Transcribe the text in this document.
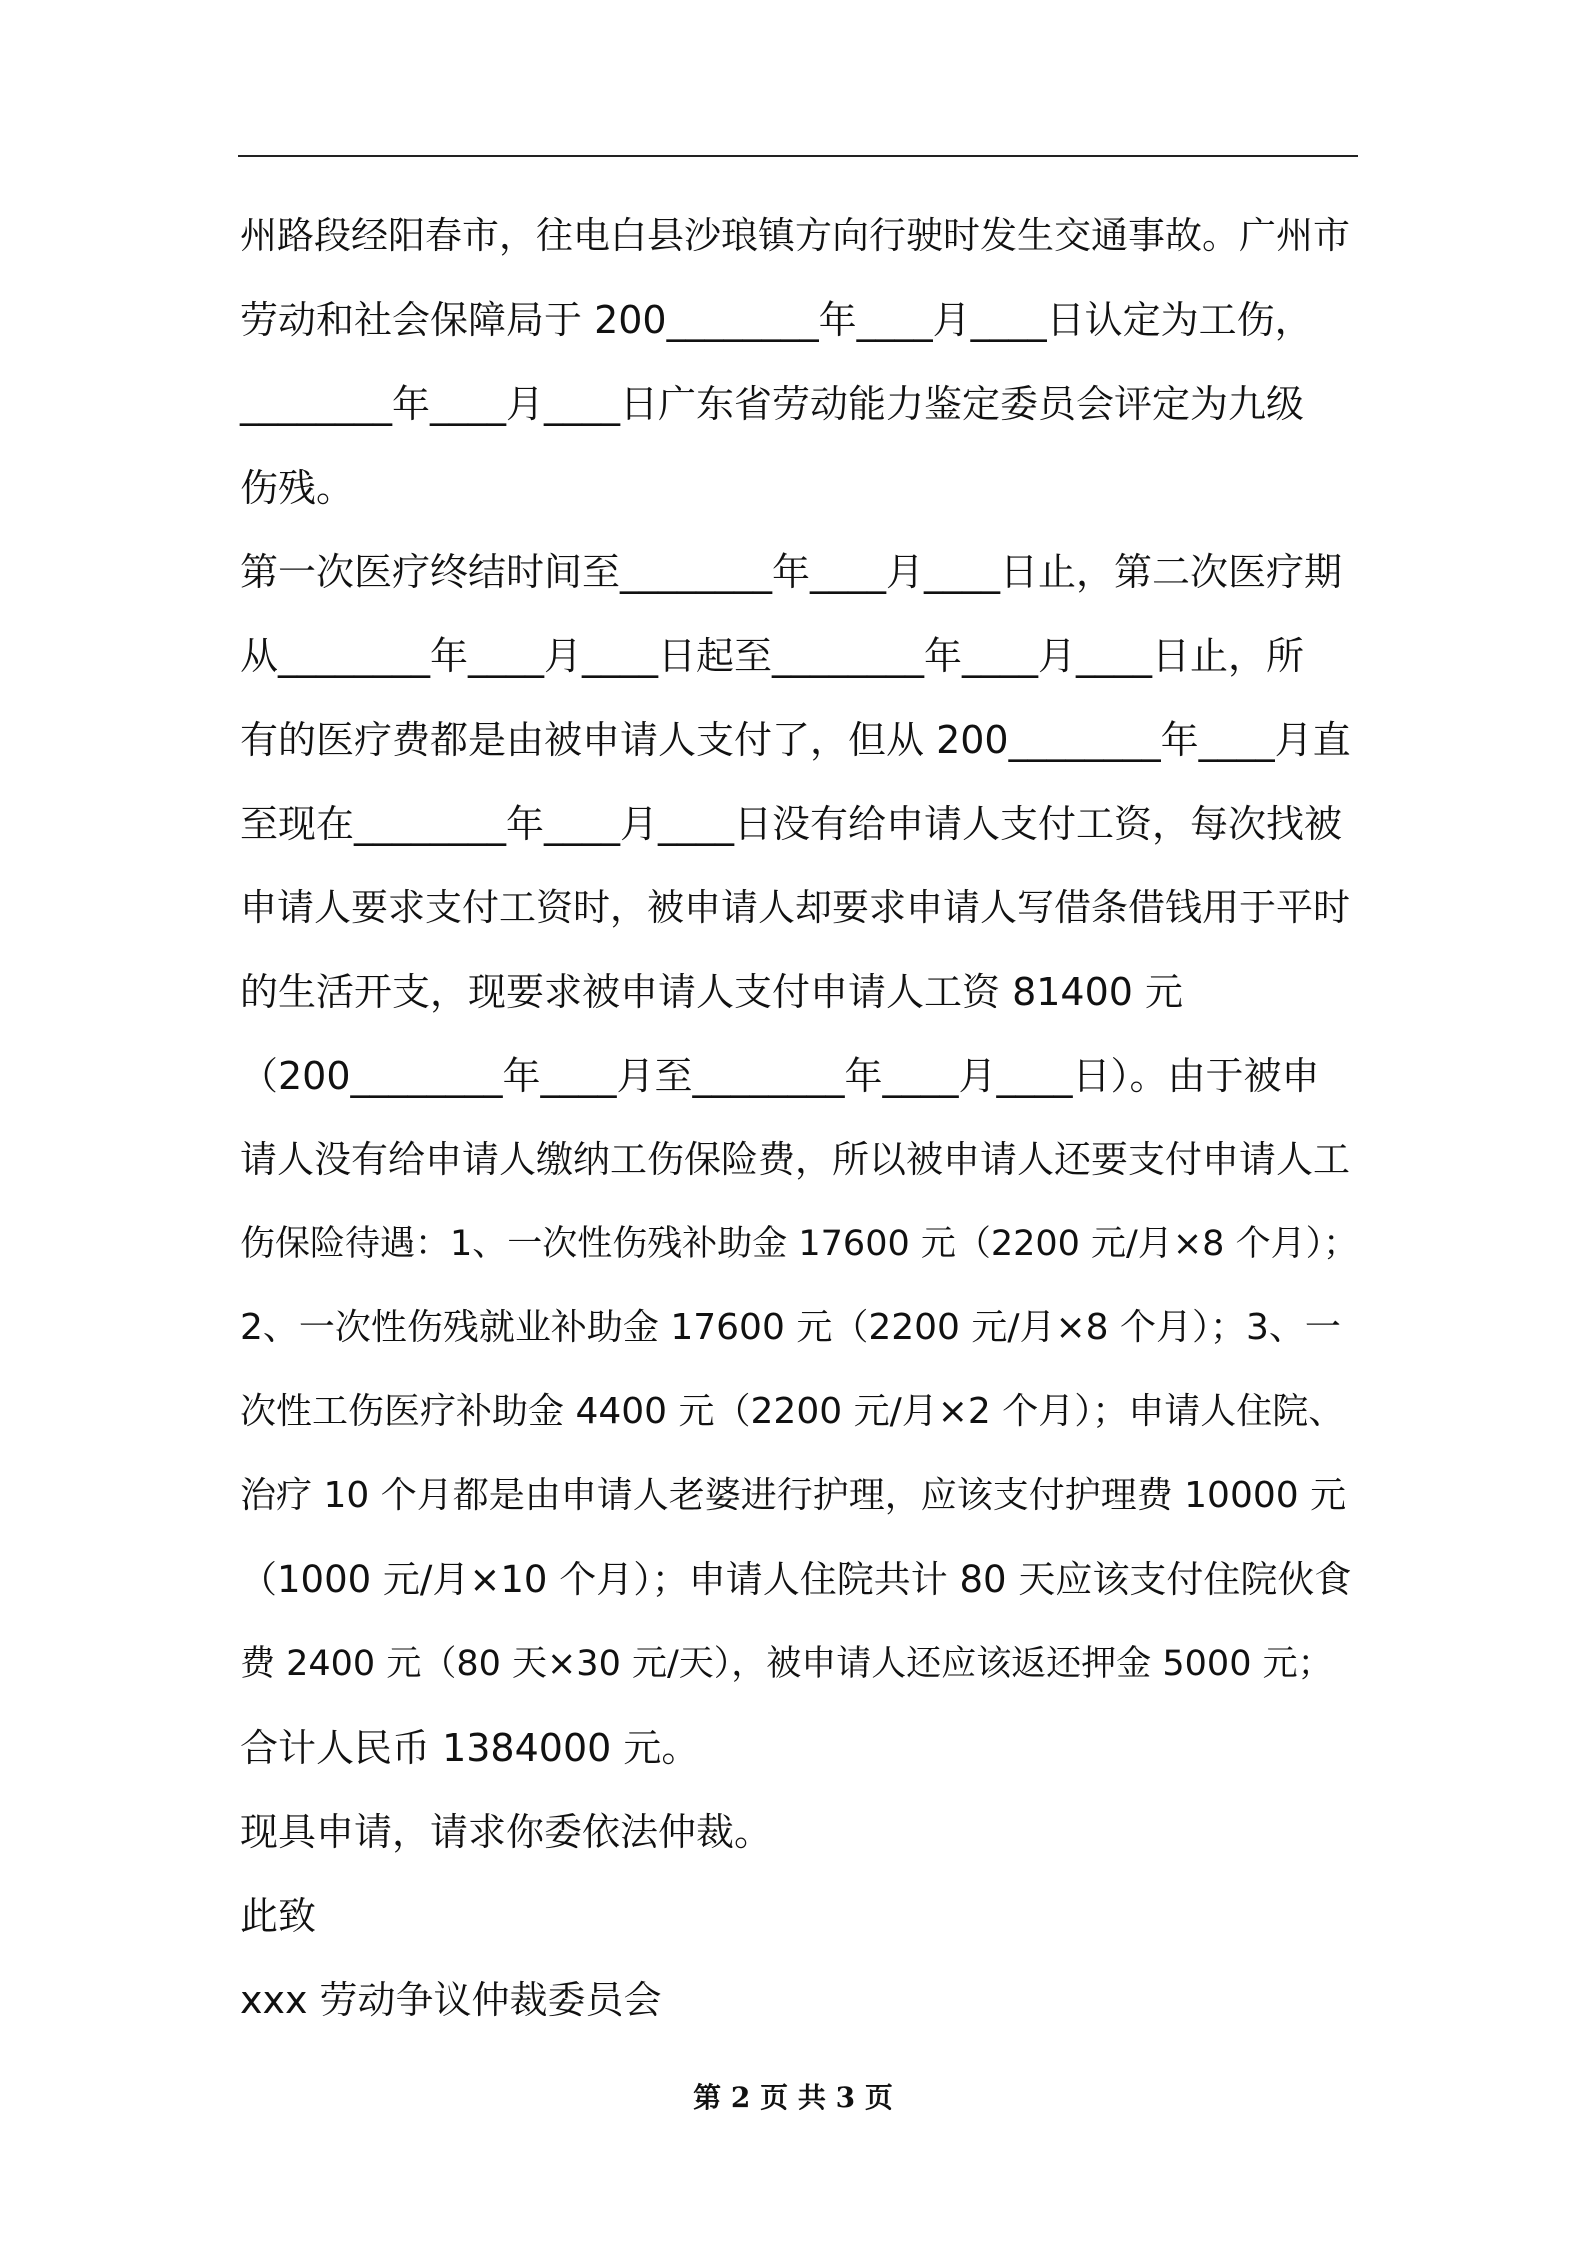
州路段经阳春市，往电白县沙琅镇方向行驶时发生交通事故。广州市
劳动和社会保障局于 200________年____月____日认定为工伤，
________年____月____日广东省劳动能力鉴定委员会评定为九级
伤残。
第一次医疗终结时间至________年____月____日止，第二次医疗期
从________年____月____日起至________年____月____日止，所
有的医疗费都是由被申请人支付了，但从 200________年____月直
至现在________年____月____日没有给申请人支付工资，每次找被
申请人要求支付工资时，被申请人却要求申请人写借条借钱用于平时
的生活开支，现要求被申请人支付申请人工资 81400 元
（200________年____月至________年____月____日）。由于被申
请人没有给申请人缴纳工伤保险费，所以被申请人还要支付申请人工
伤保险待遇：1、一次性伤残补助金 17600 元（2200 元/月×8 个月）；
2、一次性伤残就业补助金 17600 元（2200 元/月×8 个月）；3、一
次性工伤医疗补助金 4400 元（2200 元/月×2 个月）；申请人住院、
治疗 10 个月都是由申请人老婆进行护理，应该支付护理费 10000 元
（1000 元/月×10 个月）；申请人住院共计 80 天应该支付住院伙食
费 2400 元（80 天×30 元/天），被申请人还应该返还押金 5000 元；
合计人民币 1384000 元。
现具申请，请求你委依法仲裁。
此致
xxx 劳动争议仲裁委员会
第 2 页 共 3 页
